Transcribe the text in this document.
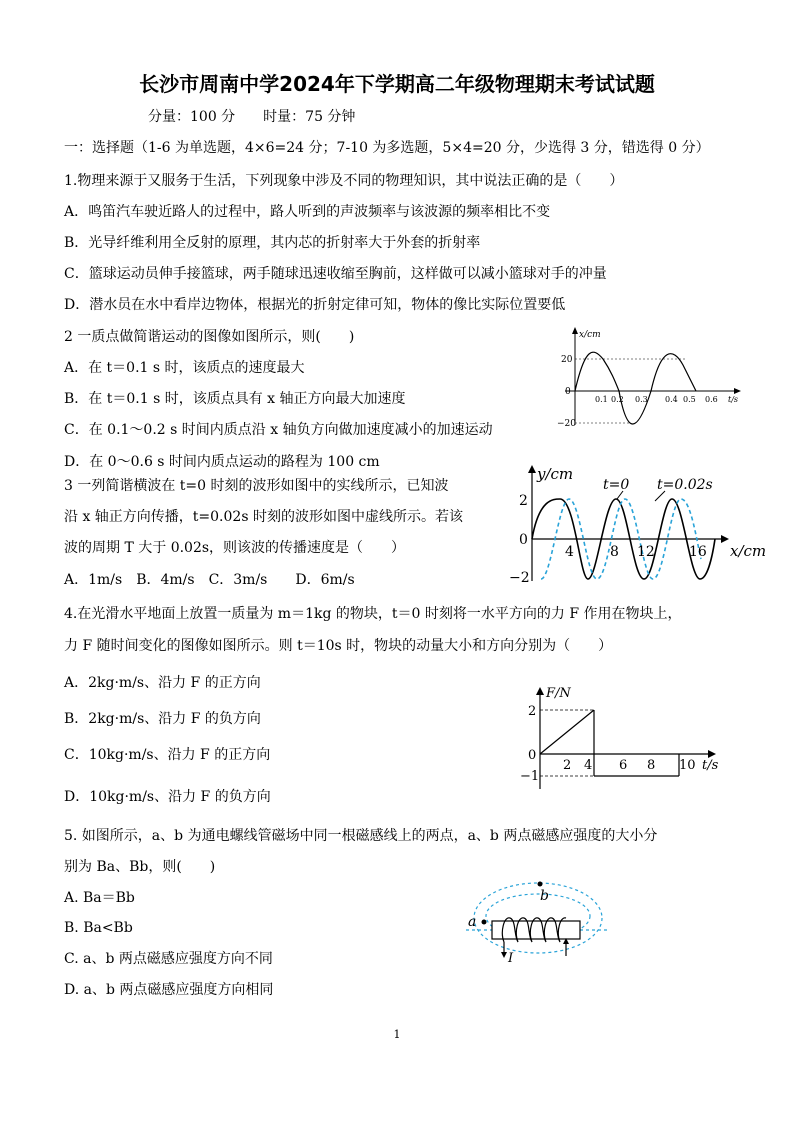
长沙市周南中学2024年下学期高二年级物理期末考试试题
分量：100 分　　时量：75 分钟
一：选择题（1-6 为单选题，4×6=24 分；7-10 为多选题，5×4=20 分，少选得 3 分，错选得 0 分）
1.物理来源于又服务于生活，下列现象中涉及不同的物理知识，其中说法正确的是（　　）
A．鸣笛汽车驶近路人的过程中，路人听到的声波频率与该波源的频率相比不变
B．光导纤维利用全反射的原理，其内芯的折射率大于外套的折射率
C．篮球运动员伸手接篮球，两手随球迅速收缩至胸前，这样做可以减小篮球对手的冲量
D．潜水员在水中看岸边物体，根据光的折射定律可知，物体的像比实际位置要低
2 一质点做简谐运动的图像如图所示，则(　　)
A．在 t＝0.1 s 时，该质点的速度最大
B．在 t＝0.1 s 时，该质点具有 x 轴正方向最大加速度
C．在 0.1～0.2 s 时间内质点沿 x 轴负方向做加速度减小的加速运动
D．在 0～0.6 s 时间内质点运动的路程为 100 cm
3 一列简谐横波在 t=0 时刻的波形如图中的实线所示，已知波
沿 x 轴正方向传播，t=0.02s 时刻的波形如图中虚线所示。若该
波的周期 T 大于 0.02s，则该波的传播速度是（　　）
A．1m/s　B．4m/s　C．3m/s　　D．6m/s
4.在光滑水平地面上放置一质量为 m＝1kg 的物块，t＝0 时刻将一水平方向的力 F 作用在物块上，
力 F 随时间变化的图像如图所示。则 t＝10s 时，物块的动量大小和方向分别为（　　）
A．2kg·m/s、沿力 F 的正方向
B．2kg·m/s、沿力 F 的负方向
C．10kg·m/s、沿力 F 的正方向
D．10kg·m/s、沿力 F 的负方向
5. 如图所示，a、b 为通电螺线管磁场中同一根磁感线上的两点，a、b 两点磁感应强度的大小分
别为 Ba、Bb，则(　　)
A. Ba＝Bb
B. Ba<Bb
C. a、b 两点磁感应强度方向不同
D. a、b 两点磁感应强度方向相同
x/cm
20
0
−20
0.1 0.2 0.3 0.4 0.5 0.6 t/s
y/cm
2
0
−2
4	8 12 16 x/cm
t=0 t=0.02s
F/N
2
0
−1
2 4 6 8 10 t/s
a
b
I
1
